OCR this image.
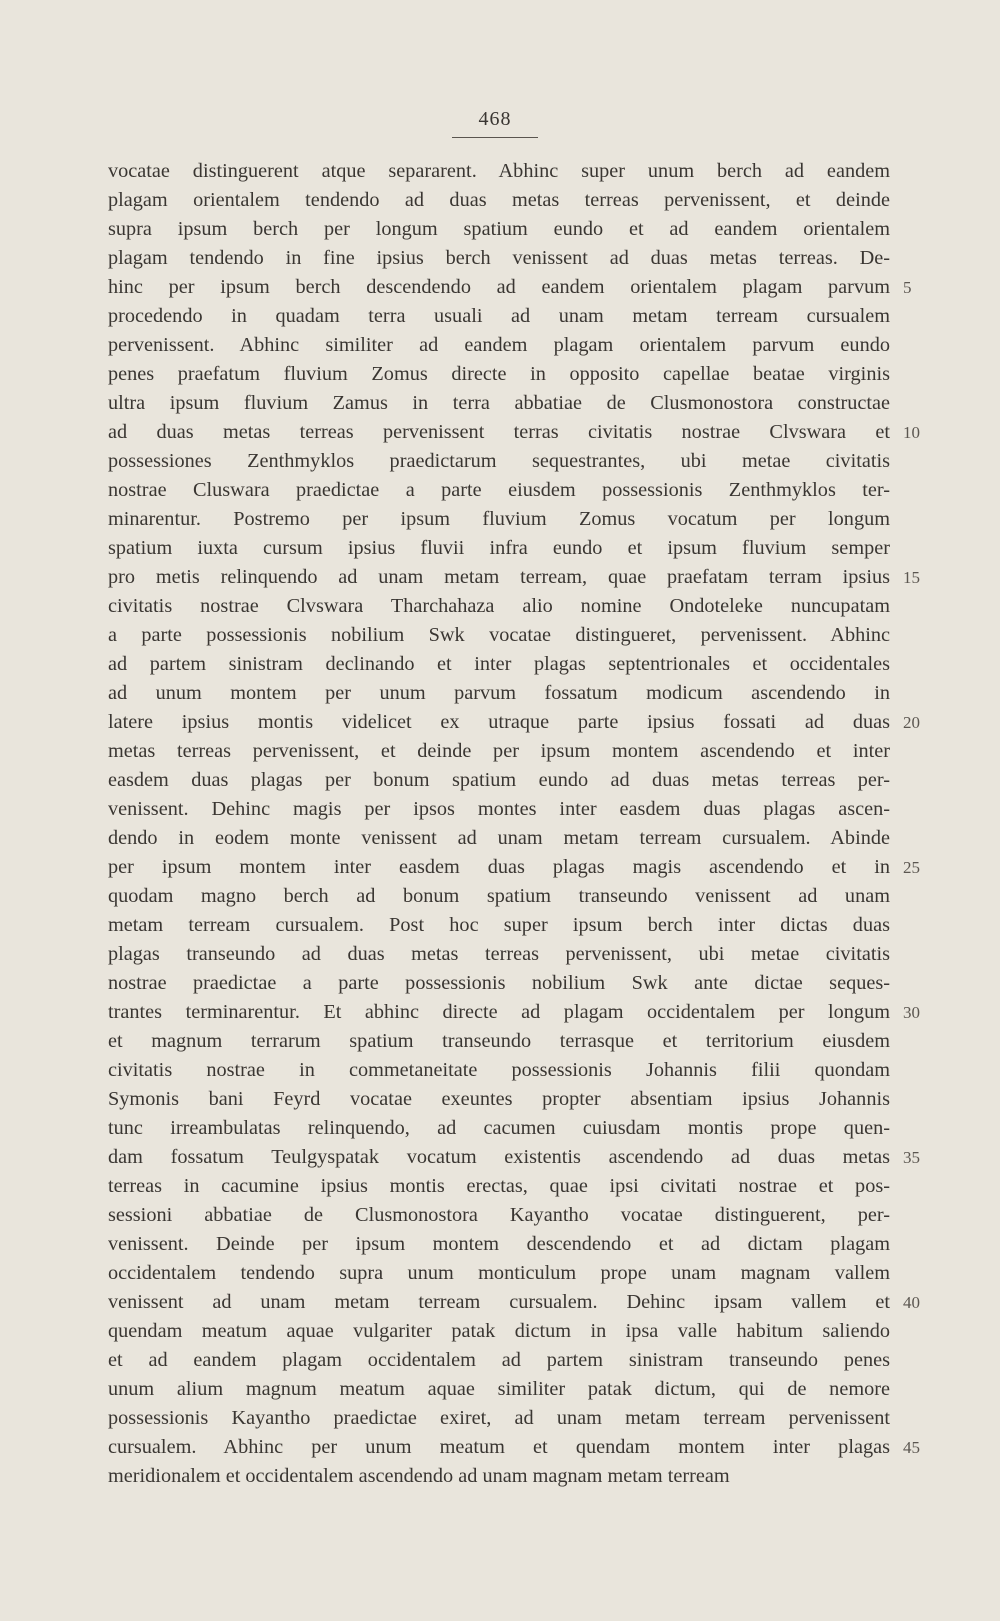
468
vocatae distinguerent atque separarent. Abhinc super unum berch ad eandem
plagam orientalem tendendo ad duas metas terreas pervenissent, et deinde
supra ipsum berch per longum spatium eundo et ad eandem orientalem
plagam tendendo in fine ipsius berch venissent ad duas metas terreas. De-
hinc per ipsum berch descendendo ad eandem orientalem plagam parvum
procedendo in quadam terra usuali ad unam metam terream cursualem
pervenissent. Abhinc similiter ad eandem plagam orientalem parvum eundo
penes praefatum fluvium Zomus directe in opposito capellae beatae virginis
ultra ipsum fluvium Zamus in terra abbatiae de Clusmonostora constructae
ad duas metas terreas pervenissent terras civitatis nostrae Clvswara et
possessiones Zenthmyklos praedictarum sequestrantes, ubi metae civitatis
nostrae Cluswara praedictae a parte eiusdem possessionis Zenthmyklos ter-
minarentur. Postremo per ipsum fluvium Zomus vocatum per longum
spatium iuxta cursum ipsius fluvii infra eundo et ipsum fluvium semper
pro metis relinquendo ad unam metam terream, quae praefatam terram ipsius
civitatis nostrae Clvswara Tharchahaza alio nomine Ondoteleke nuncupatam
a parte possessionis nobilium Swk vocatae distingueret, pervenissent. Abhinc
ad partem sinistram declinando et inter plagas septentrionales et occidentales
ad unum montem per unum parvum fossatum modicum ascendendo in
latere ipsius montis videlicet ex utraque parte ipsius fossati ad duas
metas terreas pervenissent, et deinde per ipsum montem ascendendo et inter
easdem duas plagas per bonum spatium eundo ad duas metas terreas per-
venissent. Dehinc magis per ipsos montes inter easdem duas plagas ascen-
dendo in eodem monte venissent ad unam metam terream cursualem. Abinde
per ipsum montem inter easdem duas plagas magis ascendendo et in
quodam magno berch ad bonum spatium transeundo venissent ad unam
metam terream cursualem. Post hoc super ipsum berch inter dictas duas
plagas transeundo ad duas metas terreas pervenissent, ubi metae civitatis
nostrae praedictae a parte possessionis nobilium Swk ante dictae seques-
trantes terminarentur. Et abhinc directe ad plagam occidentalem per longum
et magnum terrarum spatium transeundo terrasque et territorium eiusdem
civitatis nostrae in commetaneitate possessionis Johannis filii quondam
Symonis bani Feyrd vocatae exeuntes propter absentiam ipsius Johannis
tunc irreambulatas relinquendo, ad cacumen cuiusdam montis prope quen-
dam fossatum Teulgyspatak vocatum existentis ascendendo ad duas metas
terreas in cacumine ipsius montis erectas, quae ipsi civitati nostrae et pos-
sessioni abbatiae de Clusmonostora Kayantho vocatae distinguerent, per-
venissent. Deinde per ipsum montem descendendo et ad dictam plagam
occidentalem tendendo supra unum monticulum prope unam magnam vallem
venissent ad unam metam terream cursualem. Dehinc ipsam vallem et
quendam meatum aquae vulgariter patak dictum in ipsa valle habitum saliendo
et ad eandem plagam occidentalem ad partem sinistram transeundo penes
unum alium magnum meatum aquae similiter patak dictum, qui de nemore
possessionis Kayantho praedictae exiret, ad unam metam terream pervenissent
cursualem. Abhinc per unum meatum et quendam montem inter plagas
meridionalem et occidentalem ascendendo ad unam magnam metam terream
5
10
15
20
25
30
35
40
45
